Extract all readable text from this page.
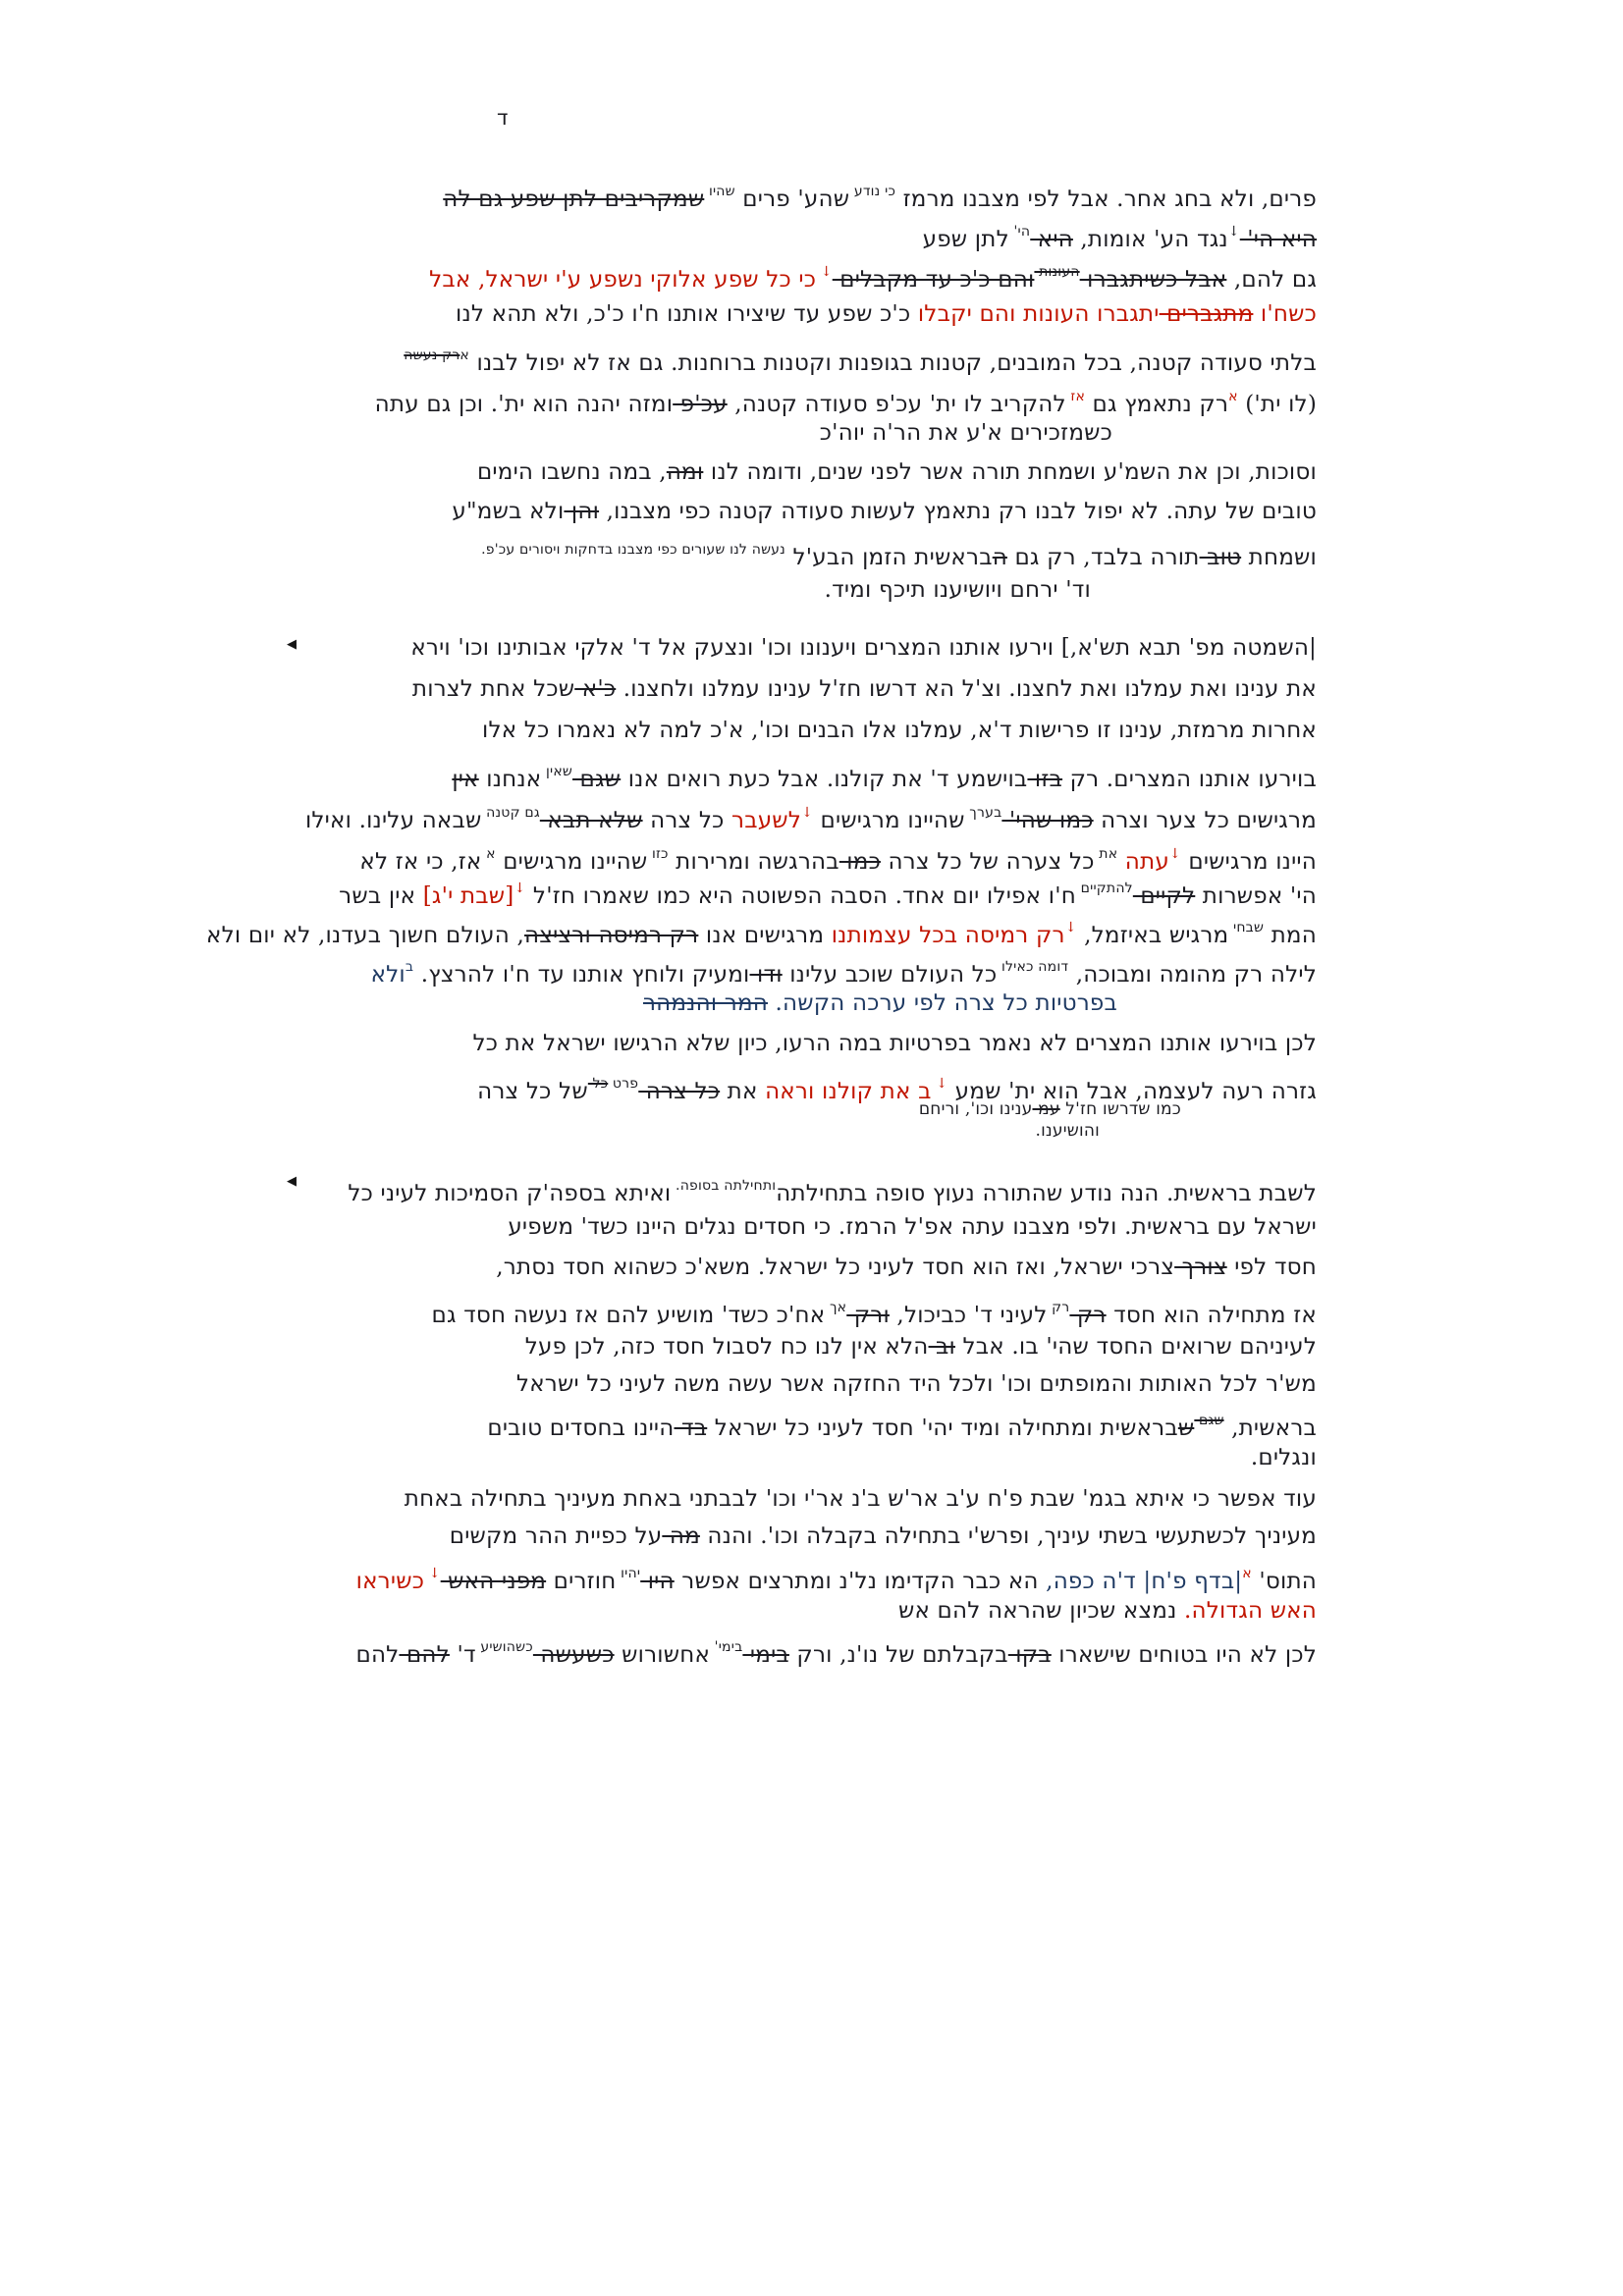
ד
פרים, ולא בחג אחר. אבל לפי מצבנו מרמז $^{כי נודע}$ שהע' פרים $^{שהיו}$ שמקריבים לתן שפע גם לה
היא הי' ↓נגד הע' אומות, היא $^{הי'}$ לתן שפע
גם להם, אבל כשיתגברו $^{העונות}$ והם כ'כ עד מקבלים ↓ כי כל שפע אלוקי נשפע ע'י ישראל, אבל
כשח'ו מתגברים יתגברו העונות והם יקבלו כ'כ שפע עד שיצירו אותנו ח'ו כ'כ, ולא תהא לנו
בלתי סעודה קטנה, בכל המובנים, קטנות בגופנות וקטנות ברוחנות. גם אז לא יפול לבנו $^{ארק נעשה}$
(לו ית') $^א$רק נתאמץ גם $^{אז}$ להקריב לו ית' עכ'פ סעודה קטנה, עכ'פ ומזה יהנה הוא ית'. וכן גם עתה
כשמזכירים א'ע את הר'ה יוה'כ
וסוכות, וכן את השמ'ע ושמחת תורה אשר לפני שנים, ודומה לנו ומה, במה נחשבו הימים
טובים של עתה. לא יפול לבנו רק נתאמץ לעשות סעודה קטנה כפי מצבנו, והן ולא בשמ"ע
ושמחת טוב תורה בלבד, רק גם הבראשית הזמן הבע'ל $^{נעשה לנו שעורים כפי מצבנו בדחקות ויסורים עכ'פ.}$
וד' ירחם ויושיענו תיכף ומיד.
|השמטה מפ' תבא תש'א,] וירעו אותנו המצרים ויענונו וכו' ונצעק אל ד' אלקי אבותינו וכו' וירא
את ענינו ואת עמלנו ואת לחצנו. וצ'ל הא דרשו חז'ל ענינו עמלנו ולחצנו. כ'א שכל אחת לצרות
אחרות מרמזת, ענינו זו פרישות ד'א, עמלנו אלו הבנים וכו', א'כ למה לא נאמרו כל אלו
בוירעו אותנו המצרים. רק בזו בוישמע ד' את קולנו. אבל כעת רואים אנו שגם $^{שאין}$ אנחנו אין
מרגישים כל צער וצרה כמו שהי' $^{בערך}$ שהיינו מרגישים ↓לשעבר כל צרה שלא תבא $^{גם קטנה}$ שבאה עלינו. ואילו
היינו מרגישים ↓עתה $^{את}$ כל צערה של כל צרה כמו בהרגשה ומרירות $^{כזו}$ שהיינו מרגישים $^א$ אז, כי אז לא
הי' אפשרות לקיים $^{להתקיים}$ ח'ו אפילו יום אחד. הסבה הפשוטה היא כמו שאמרו חז'ל ↓[שבת י'ג] אין בשר
המת $^{שבחי}$ מרגיש באיזמל, ↓רק רמיסה בכל עצמותנו מרגישים אנו רק רמיסה ורציצה, העולם חשוך בעדנו, לא יום ולא
לילה רק מהומה ומבוכה, $^{דומה כאילו}$ כל העולם שוכב עלינו ודו ומעיק ולוחץ אותנו עד ח'ו להרצץ. $^ב$ולא
בפרטיות כל צרה לפי ערכה הקשה. המר והנמהר
לכן בוירעו אותנו המצרים לא נאמר בפרטיות במה הרעו, כיון שלא הרגישו ישראל את כל
גזרה רעה לעצמה, אבל הוא ית' שמע ↓ ב את קולנו וראה את כל צרה $^{פרט}$ $^{כל}$ של כל צרה
כמו שדרשו חז'ל עמ ענינו וכו', וריחם
והושיענו.
לשבת בראשית. הנה נודע שהתורה נעוץ סופה בתחילתה$^{ותחילתה בסופה.}$ ואיתא בספה'ק הסמיכות לעיני כל
ישראל עם בראשית. ולפי מצבנו עתה אפ'ל הרמז. כי חסדים נגלים היינו כשד' משפיע
חסד לפי צורך צרכי ישראל, ואז הוא חסד לעיני כל ישראל. משא'כ כשהוא חסד נסתר,
אז מתחילה הוא חסד רק $^{רק}$ לעיני ד' כביכול, ורק $^{אך}$ אח'כ כשד' מושיע להם אז נעשה חסד גם
לעיניהם שרואים החסד שהי' בו. אבל וב הלא אין לנו כח לסבול חסד כזה, לכן פעל
מש'ר לכל האותות והמופתים וכו' ולכל היד החזקה אשר עשה משה לעיני כל ישראל
בראשית, $^{שגם}$ שבראשית ומתחילה ומיד יהי' חסד לעיני כל ישראל בד היינו בחסדים טובים
ונגלים.
עוד אפשר כי איתא בגמ' שבת פ'ח ע'ב אר'ש ב'נ אר'י וכו' לבבתני באחת מעיניך בתחילה באחת
מעיניך לכשתעשי בשתי עיניך, ופרש'י בתחילה בקבלה וכו'. והנה מה על כפיית ההר מקשים
התוס' $^א$|בדף פ'ח| ד'ה כפה, הא כבר הקדימו נל'נ ומתרצים אפשר היו $^{יהיו}$ חוזרים מפני האש ↓ כשיראו
האש הגדולה. נמצא שכיון שהראה להם אש
לכן לא היו בטוחים שישארו בקו בקבלתם של נו'נ, ורק בימי $^{בימי'}$ אחשורוש כשעשה $^{כשהושיע}$ ד' להם להם
◀
◀
